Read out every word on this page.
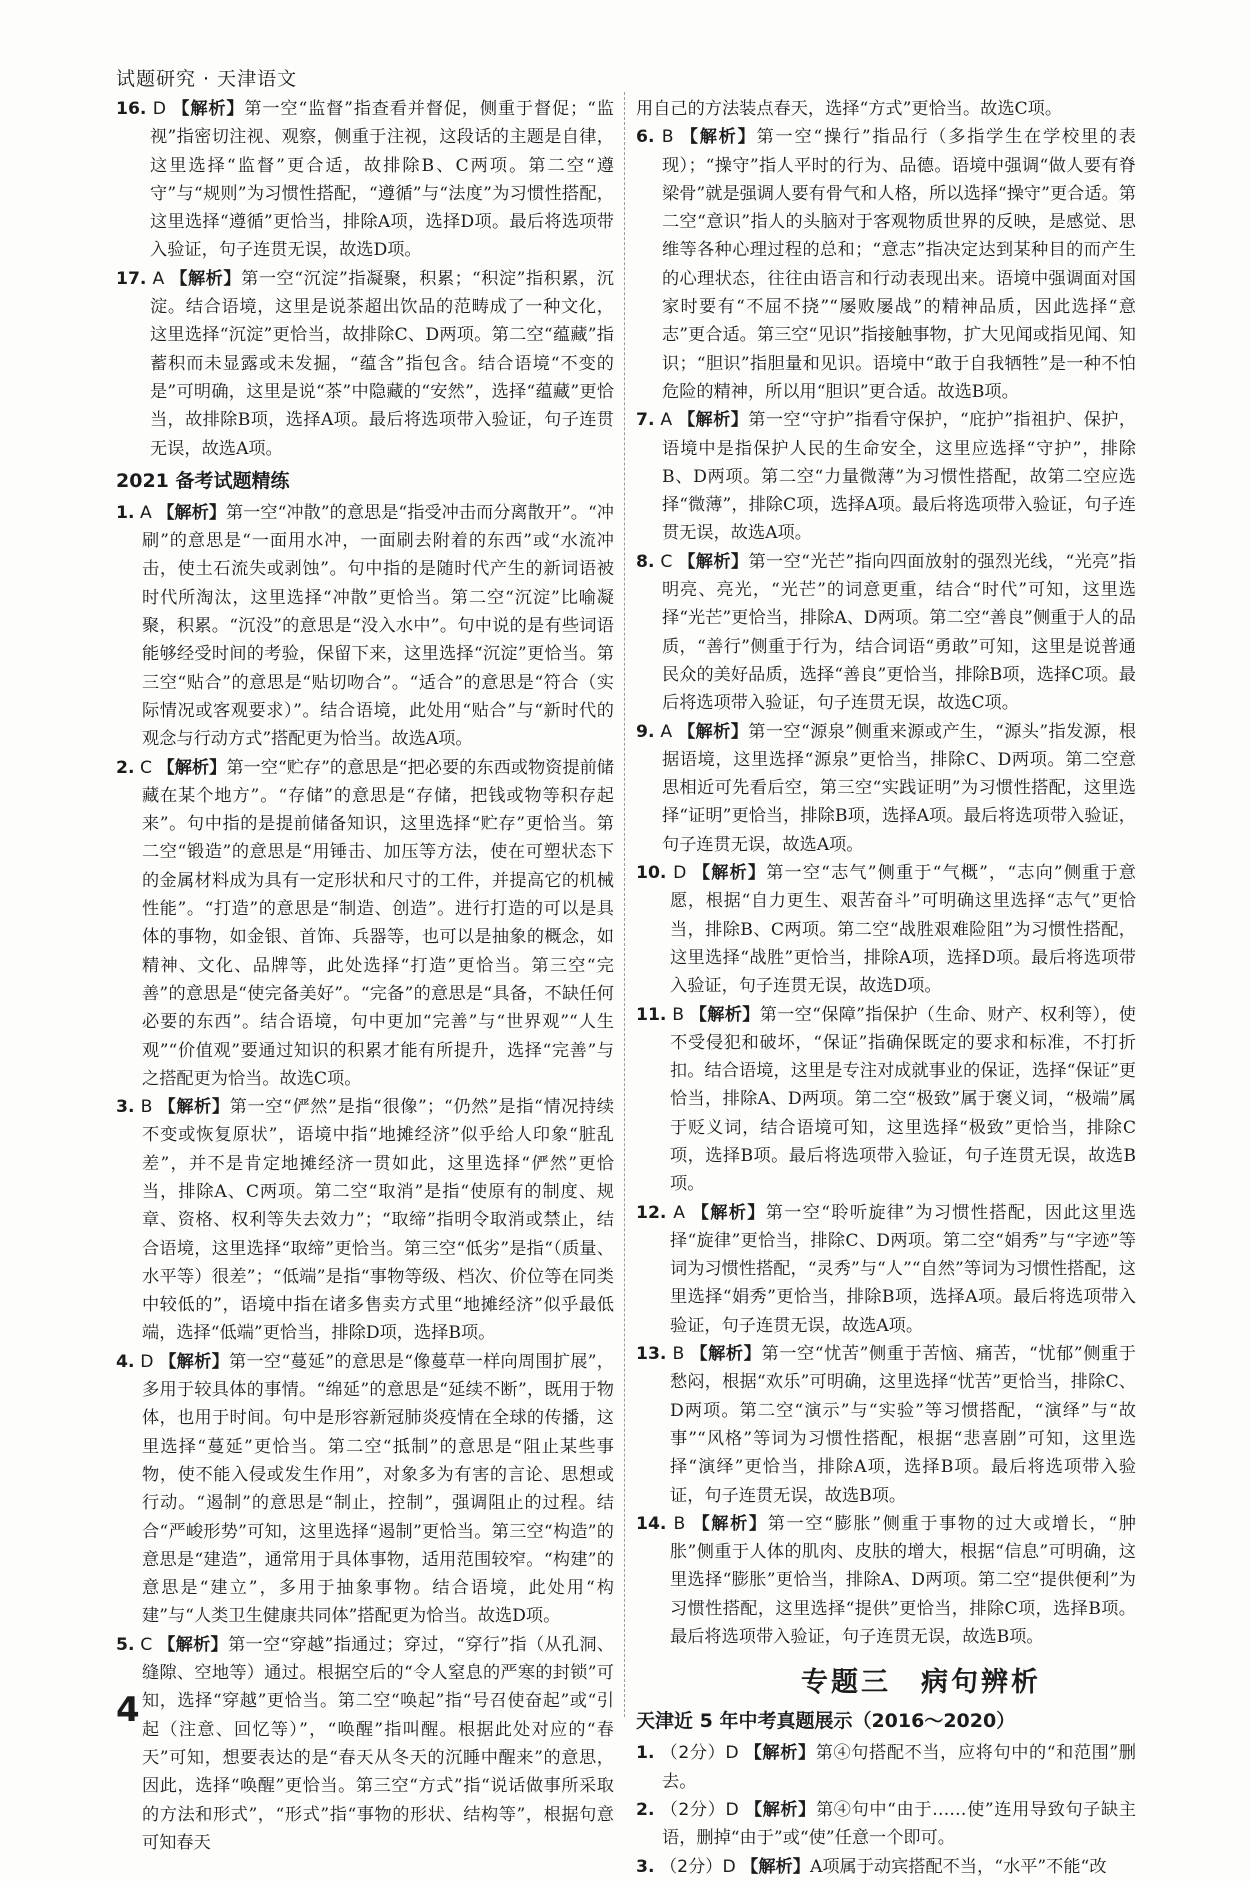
试题研究 · 天津语文

16. D 【解析】第一空“监督”指查看并督促，侧重于督促；“监视”指密切注视、观察，侧重于注视，这段话的主题是自律，这里选择“监督”更合适，故排除B、C两项。第二空“遵守”与“规则”为习惯性搭配，“遵循”与“法度”为习惯性搭配，这里选择“遵循”更恰当，排除A项，选择D项。最后将选项带入验证，句子连贯无误，故选D项。

17. A 【解析】第一空“沉淀”指凝聚，积累；“积淀”指积累，沉淀。结合语境，这里是说茶超出饮品的范畴成了一种文化，这里选择“沉淀”更恰当，故排除C、D两项。第二空“蕴藏”指蓄积而未显露或未发掘，“蕴含”指包含。结合语境“不变的是”可明确，这里是说“茶”中隐藏的“安然”，选择“蕴藏”更恰当，故排除B项，选择A项。最后将选项带入验证，句子连贯无误，故选A项。

2021 备考试题精练

1. A 【解析】第一空“冲散”的意思是“指受冲击而分离散开”。“冲刷”的意思是“一面用水冲，一面刷去附着的东西”或“水流冲击，使土石流失或剥蚀”。句中指的是随时代产生的新词语被时代所淘汰，这里选择“冲散”更恰当。第二空“沉淀”比喻凝聚，积累。“沉没”的意思是“没入水中”。句中说的是有些词语能够经受时间的考验，保留下来，这里选择“沉淀”更恰当。第三空“贴合”的意思是“贴切吻合”。“适合”的意思是“符合（实际情况或客观要求）”。结合语境，此处用“贴合”与“新时代的观念与行动方式”搭配更为恰当。故选A项。

2. C 【解析】第一空“贮存”的意思是“把必要的东西或物资提前储藏在某个地方”。“存储”的意思是“存储，把钱或物等积存起来”。句中指的是提前储备知识，这里选择“贮存”更恰当。第二空“锻造”的意思是“用锤击、加压等方法，使在可塑状态下的金属材料成为具有一定形状和尺寸的工件，并提高它的机械性能”。“打造”的意思是“制造、创造”。进行打造的可以是具体的事物，如金银、首饰、兵器等，也可以是抽象的概念，如精神、文化、品牌等，此处选择“打造”更恰当。第三空“完善”的意思是“使完备美好”。“完备”的意思是“具备，不缺任何必要的东西”。结合语境，句中更加“完善”与“世界观”“人生观”“价值观”要通过知识的积累才能有所提升，选择“完善”与之搭配更为恰当。故选C项。

3. B 【解析】第一空“俨然”是指“很像”；“仍然”是指“情况持续不变或恢复原状”，语境中指“地摊经济”似乎给人印象“脏乱差”，并不是肯定地摊经济一贯如此，这里选择“俨然”更恰当，排除A、C两项。第二空“取消”是指“使原有的制度、规章、资格、权利等失去效力”；“取缔”指明令取消或禁止，结合语境，这里选择“取缔”更恰当。第三空“低劣”是指“（质量、水平等）很差”；“低端”是指“事物等级、档次、价位等在同类中较低的”，语境中指在诸多售卖方式里“地摊经济”似乎最低端，选择“低端”更恰当，排除D项，选择B项。

4. D 【解析】第一空“蔓延”的意思是“像蔓草一样向周围扩展”，多用于较具体的事情。“绵延”的意思是“延续不断”，既用于物体，也用于时间。句中是形容新冠肺炎疫情在全球的传播，这里选择“蔓延”更恰当。第二空“抵制”的意思是“阻止某些事物，使不能入侵或发生作用”，对象多为有害的言论、思想或行动。“遏制”的意思是“制止，控制”，强调阻止的过程。结合“严峻形势”可知，这里选择“遏制”更恰当。第三空“构造”的意思是“建造”，通常用于具体事物，适用范围较窄。“构建”的意思是“建立”，多用于抽象事物。结合语境，此处用“构建”与“人类卫生健康共同体”搭配更为恰当。故选D项。

5. C 【解析】第一空“穿越”指通过；穿过，“穿行”指（从孔洞、缝隙、空地等）通过。根据空后的“令人窒息的严寒的封锁”可知，选择“穿越”更恰当。第二空“唤起”指“号召使奋起”或“引起（注意、回忆等）”，“唤醒”指叫醒。根据此处对应的“春天”可知，想要表达的是“春天从冬天的沉睡中醒来”的意思，因此，选择“唤醒”更恰当。第三空“方式”指“说话做事所采取的方法和形式”，“形式”指“事物的形状、结构等”，根据句意可知春天

用自己的方法装点春天，选择“方式”更恰当。故选C项。

6. B 【解析】第一空“操行”指品行（多指学生在学校里的表现）；“操守”指人平时的行为、品德。语境中强调“做人要有脊梁骨”就是强调人要有骨气和人格，所以选择“操守”更合适。第二空“意识”指人的头脑对于客观物质世界的反映，是感觉、思维等各种心理过程的总和；“意志”指决定达到某种目的而产生的心理状态，往往由语言和行动表现出来。语境中强调面对国家时要有“不屈不挠”“屡败屡战”的精神品质，因此选择“意志”更合适。第三空“见识”指接触事物，扩大见闻或指见闻、知识；“胆识”指胆量和见识。语境中“敢于自我牺牲”是一种不怕危险的精神，所以用“胆识”更合适。故选B项。

7. A 【解析】第一空“守护”指看守保护，“庇护”指祖护、保护，语境中是指保护人民的生命安全，这里应选择“守护”，排除B、D两项。第二空“力量微薄”为习惯性搭配，故第二空应选择“微薄”，排除C项，选择A项。最后将选项带入验证，句子连贯无误，故选A项。

8. C 【解析】第一空“光芒”指向四面放射的强烈光线，“光亮”指明亮、亮光，“光芒”的词意更重，结合“时代”可知，这里选择“光芒”更恰当，排除A、D两项。第二空“善良”侧重于人的品质，“善行”侧重于行为，结合词语“勇敢”可知，这里是说普通民众的美好品质，选择“善良”更恰当，排除B项，选择C项。最后将选项带入验证，句子连贯无误，故选C项。

9. A 【解析】第一空“源泉”侧重来源或产生，“源头”指发源，根据语境，这里选择“源泉”更恰当，排除C、D两项。第二空意思相近可先看后空，第三空“实践证明”为习惯性搭配，这里选择“证明”更恰当，排除B项，选择A项。最后将选项带入验证，句子连贯无误，故选A项。

10. D 【解析】第一空“志气”侧重于“气概”，“志向”侧重于意愿，根据“自力更生、艰苦奋斗”可明确这里选择“志气”更恰当，排除B、C两项。第二空“战胜艰难险阻”为习惯性搭配，这里选择“战胜”更恰当，排除A项，选择D项。最后将选项带入验证，句子连贯无误，故选D项。

11. B 【解析】第一空“保障”指保护（生命、财产、权利等），使不受侵犯和破坏，“保证”指确保既定的要求和标准，不打折扣。结合语境，这里是专注对成就事业的保证，选择“保证”更恰当，排除A、D两项。第二空“极致”属于褒义词，“极端”属于贬义词，结合语境可知，这里选择“极致”更恰当，排除C项，选择B项。最后将选项带入验证，句子连贯无误，故选B项。

12. A 【解析】第一空“聆听旋律”为习惯性搭配，因此这里选择“旋律”更恰当，排除C、D两项。第二空“娟秀”与“字迹”等词为习惯性搭配，“灵秀”与“人”“自然”等词为习惯性搭配，这里选择“娟秀”更恰当，排除B项，选择A项。最后将选项带入验证，句子连贯无误，故选A项。

13. B 【解析】第一空“忧苦”侧重于苦恼、痛苦，“忧郁”侧重于愁闷，根据“欢乐”可明确，这里选择“忧苦”更恰当，排除C、D两项。第二空“演示”与“实验”等习惯搭配，“演绎”与“故事”“风格”等词为习惯性搭配，根据“悲喜剧”可知，这里选择“演绎”更恰当，排除A项，选择B项。最后将选项带入验证，句子连贯无误，故选B项。

14. B 【解析】第一空“膨胀”侧重于事物的过大或增长，“肿胀”侧重于人体的肌肉、皮肤的增大，根据“信息”可明确，这里选择“膨胀”更恰当，排除A、D两项。第二空“提供便利”为习惯性搭配，这里选择“提供”更恰当，排除C项，选择B项。最后将选项带入验证，句子连贯无误，故选B项。

专题三　病句辨析
天津近 5 年中考真题展示（2016～2020）

1. （2分）D 【解析】第④句搭配不当，应将句中的“和范围”删去。

2. （2分）D 【解析】第④句中“由于……使”连用导致句子缺主语，删掉“由于”或“使”任意一个即可。

3. （2分）D 【解析】A项属于动宾搭配不当，“水平”不能“改

4
